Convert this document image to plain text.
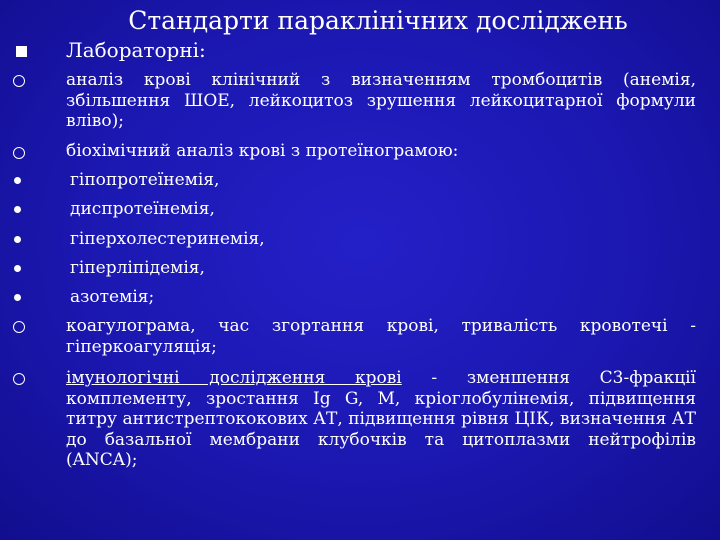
Стандарти параклінічних досліджень
Лабораторні:
аналіз крові клінічний з визначенням тромбоцитів (анемія, збільшення ШОЕ, лейкоцитоз зрушення лейкоцитарної формули вліво);
біохімічний аналіз крові з протеїнограмою:
гіпопротеїнемія,
диспротеїнемія,
гіперхолестеринемія,
гіперліпідемія,
азотемія;
коагулограма, час згортання крові, тривалість кровотечі - гіперкоагуляція;
імунологічні дослідження крові - зменшення С3-фракції комплементу, зростання Ig G, M, кріоглобулінемія, підвищення титру антистрептококових АТ, підвищення рівня ЦІК, визначення АТ до базальної мембрани клубочків та цитоплазми нейтрофілів (ANCA);
